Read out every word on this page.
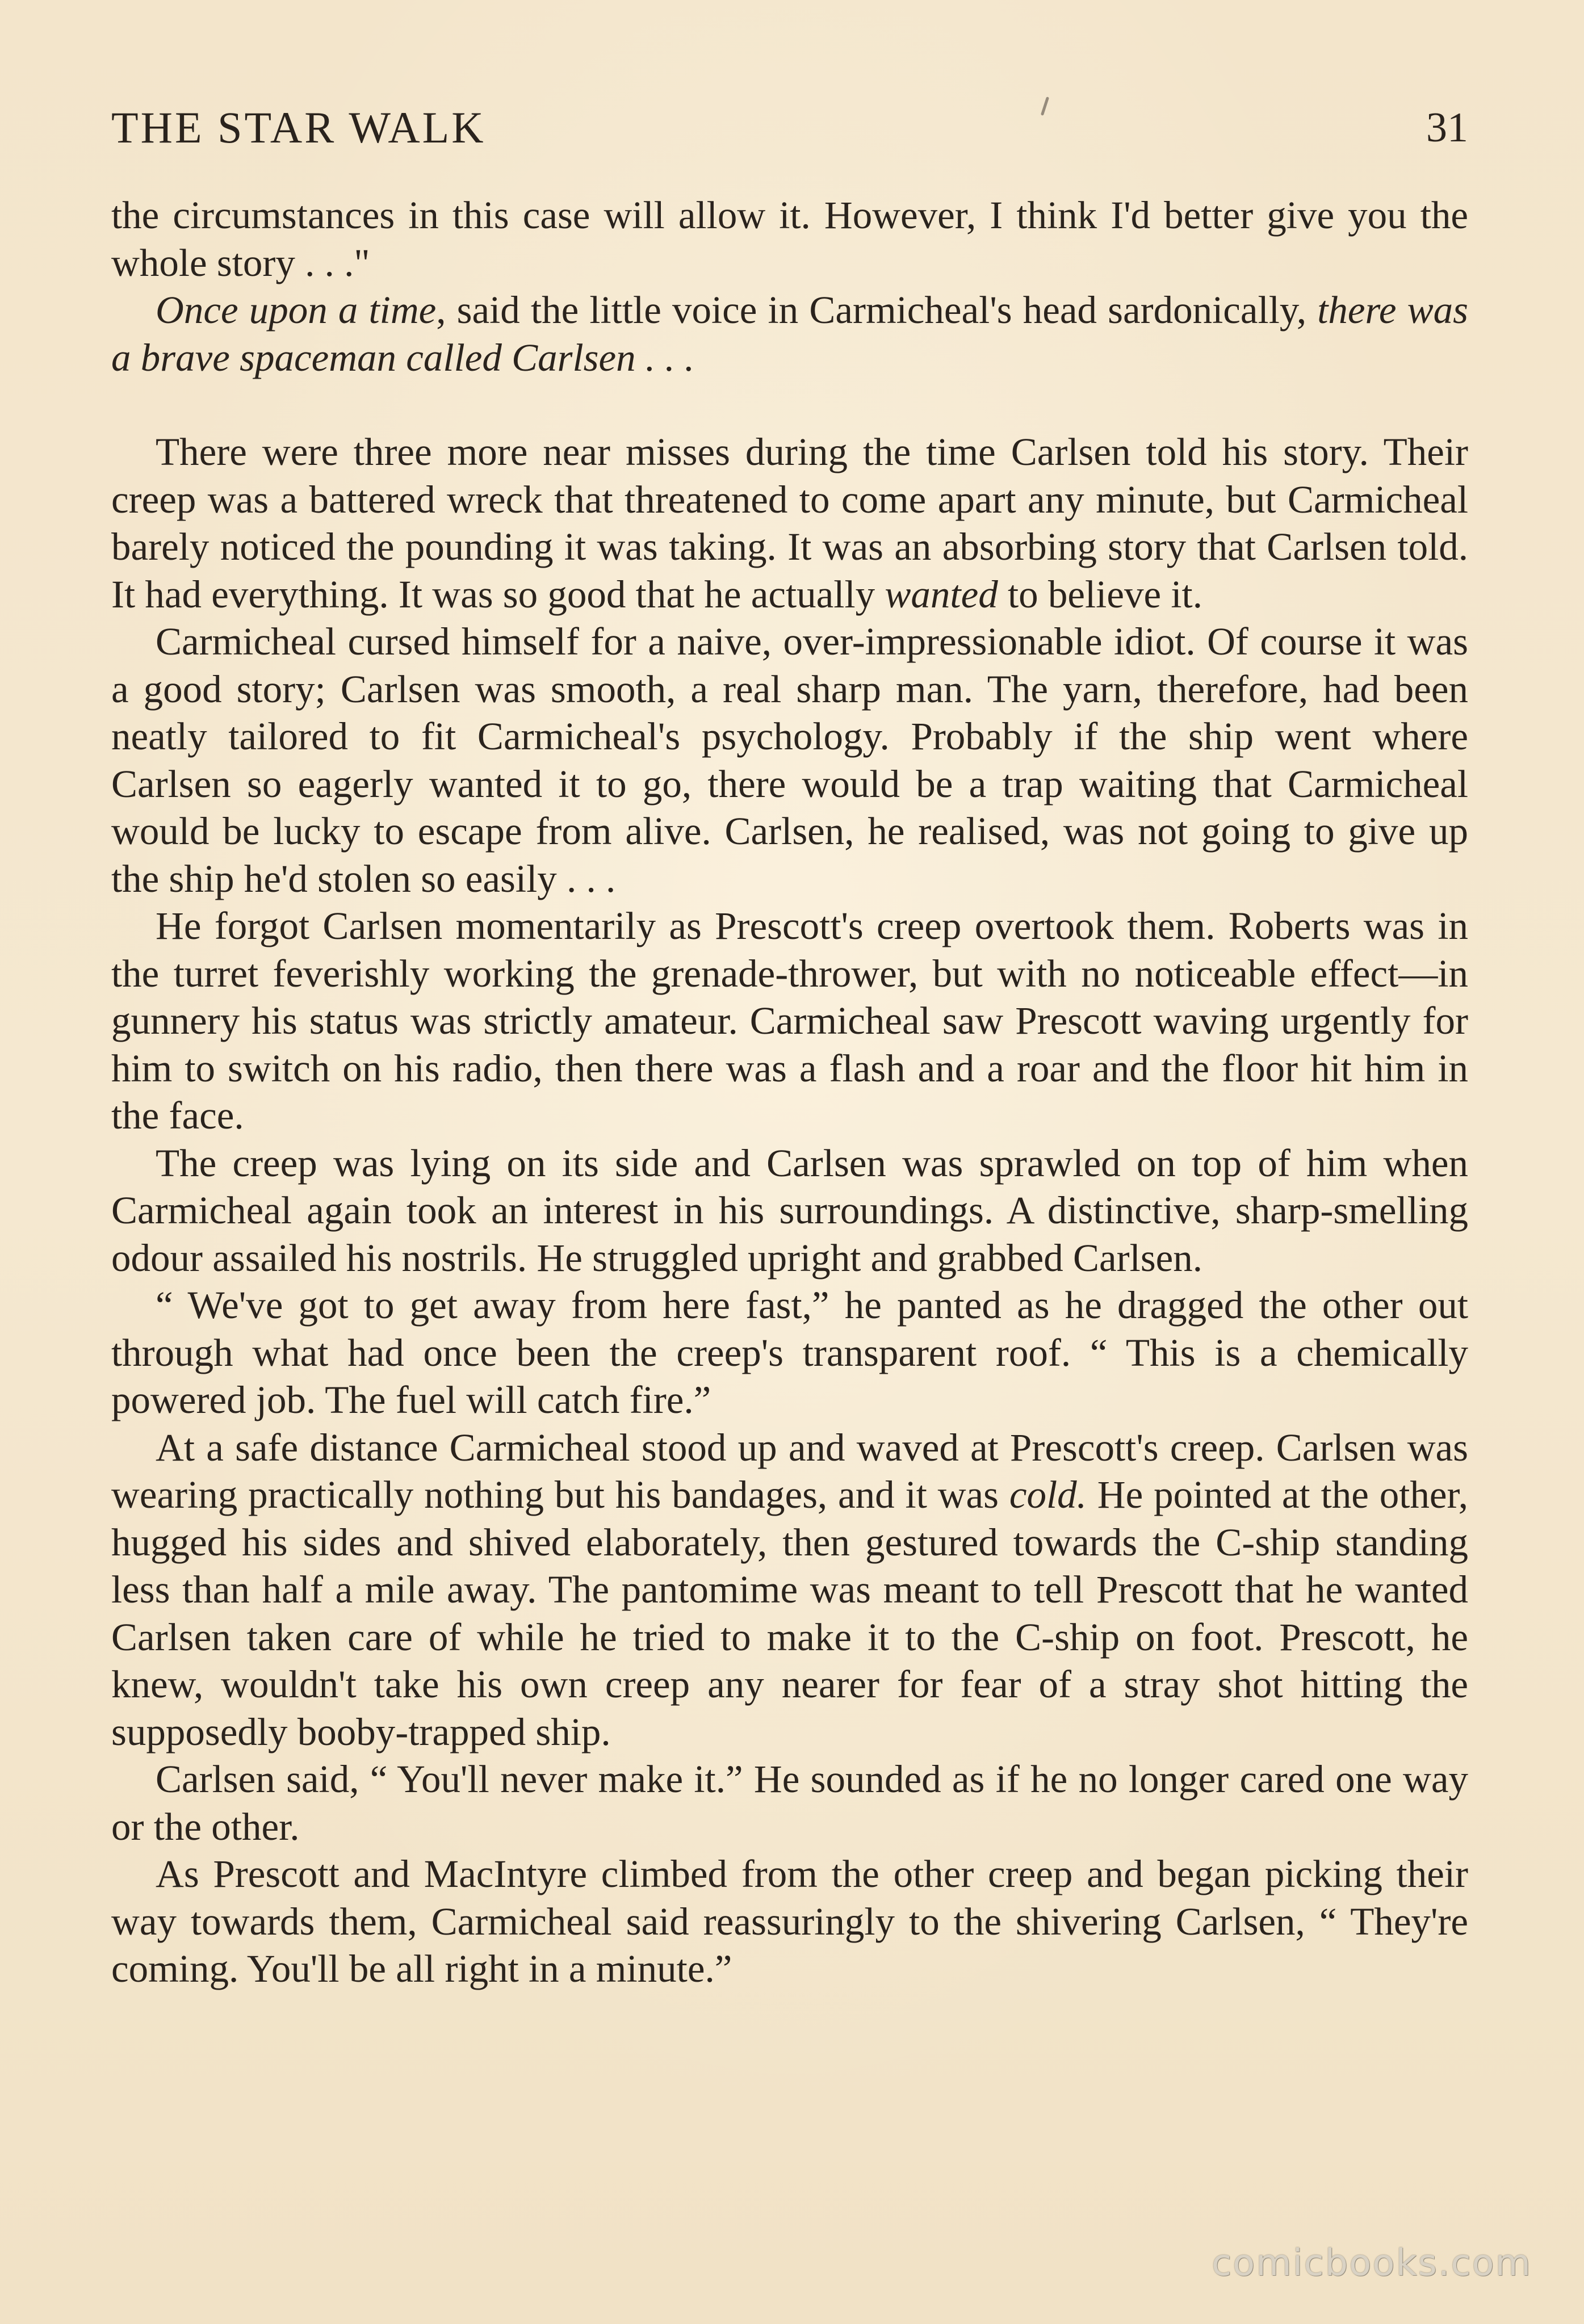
THE STAR WALK	31

the circumstances in this case will allow it. However, I think I'd better give you the whole story . . ."

Once upon a time, said the little voice in Carmicheal's head sardonically, there was a brave spaceman called Carlsen . . .

There were three more near misses during the time Carlsen told his story. Their creep was a battered wreck that threatened to come apart any minute, but Carmicheal barely noticed the pounding it was taking. It was an absorbing story that Carlsen told. It had everything. It was so good that he actually wanted to believe it.

Carmicheal cursed himself for a naive, over-impressionable idiot. Of course it was a good story; Carlsen was smooth, a real sharp man. The yarn, therefore, had been neatly tailored to fit Carmicheal's psychology. Probably if the ship went where Carlsen so eagerly wanted it to go, there would be a trap waiting that Carmicheal would be lucky to escape from alive. Carlsen, he realised, was not going to give up the ship he'd stolen so easily . . .

He forgot Carlsen momentarily as Prescott's creep overtook them. Roberts was in the turret feverishly working the grenade-thrower, but with no noticeable effect—in gunnery his status was strictly amateur. Carmicheal saw Prescott waving urgently for him to switch on his radio, then there was a flash and a roar and the floor hit him in the face.

The creep was lying on its side and Carlsen was sprawled on top of him when Carmicheal again took an interest in his surroundings. A distinctive, sharp-smelling odour assailed his nostrils. He struggled upright and grabbed Carlsen.

“ We've got to get away from here fast,” he panted as he dragged the other out through what had once been the creep's transparent roof. “ This is a chemically powered job. The fuel will catch fire.”

At a safe distance Carmicheal stood up and waved at Prescott's creep. Carlsen was wearing practically nothing but his bandages, and it was cold. He pointed at the other, hugged his sides and shived elaborately, then gestured towards the C-ship standing less than half a mile away. The pantomime was meant to tell Prescott that he wanted Carlsen taken care of while he tried to make it to the C-ship on foot. Prescott, he knew, wouldn't take his own creep any nearer for fear of a stray shot hitting the supposedly booby-trapped ship.

Carlsen said, “ You'll never make it.” He sounded as if he no longer cared one way or the other.

As Prescott and MacIntyre climbed from the other creep and began picking their way towards them, Carmicheal said reassuringly to the shivering Carlsen, “ They're coming. You'll be all right in a minute.”

comicbooks.com
